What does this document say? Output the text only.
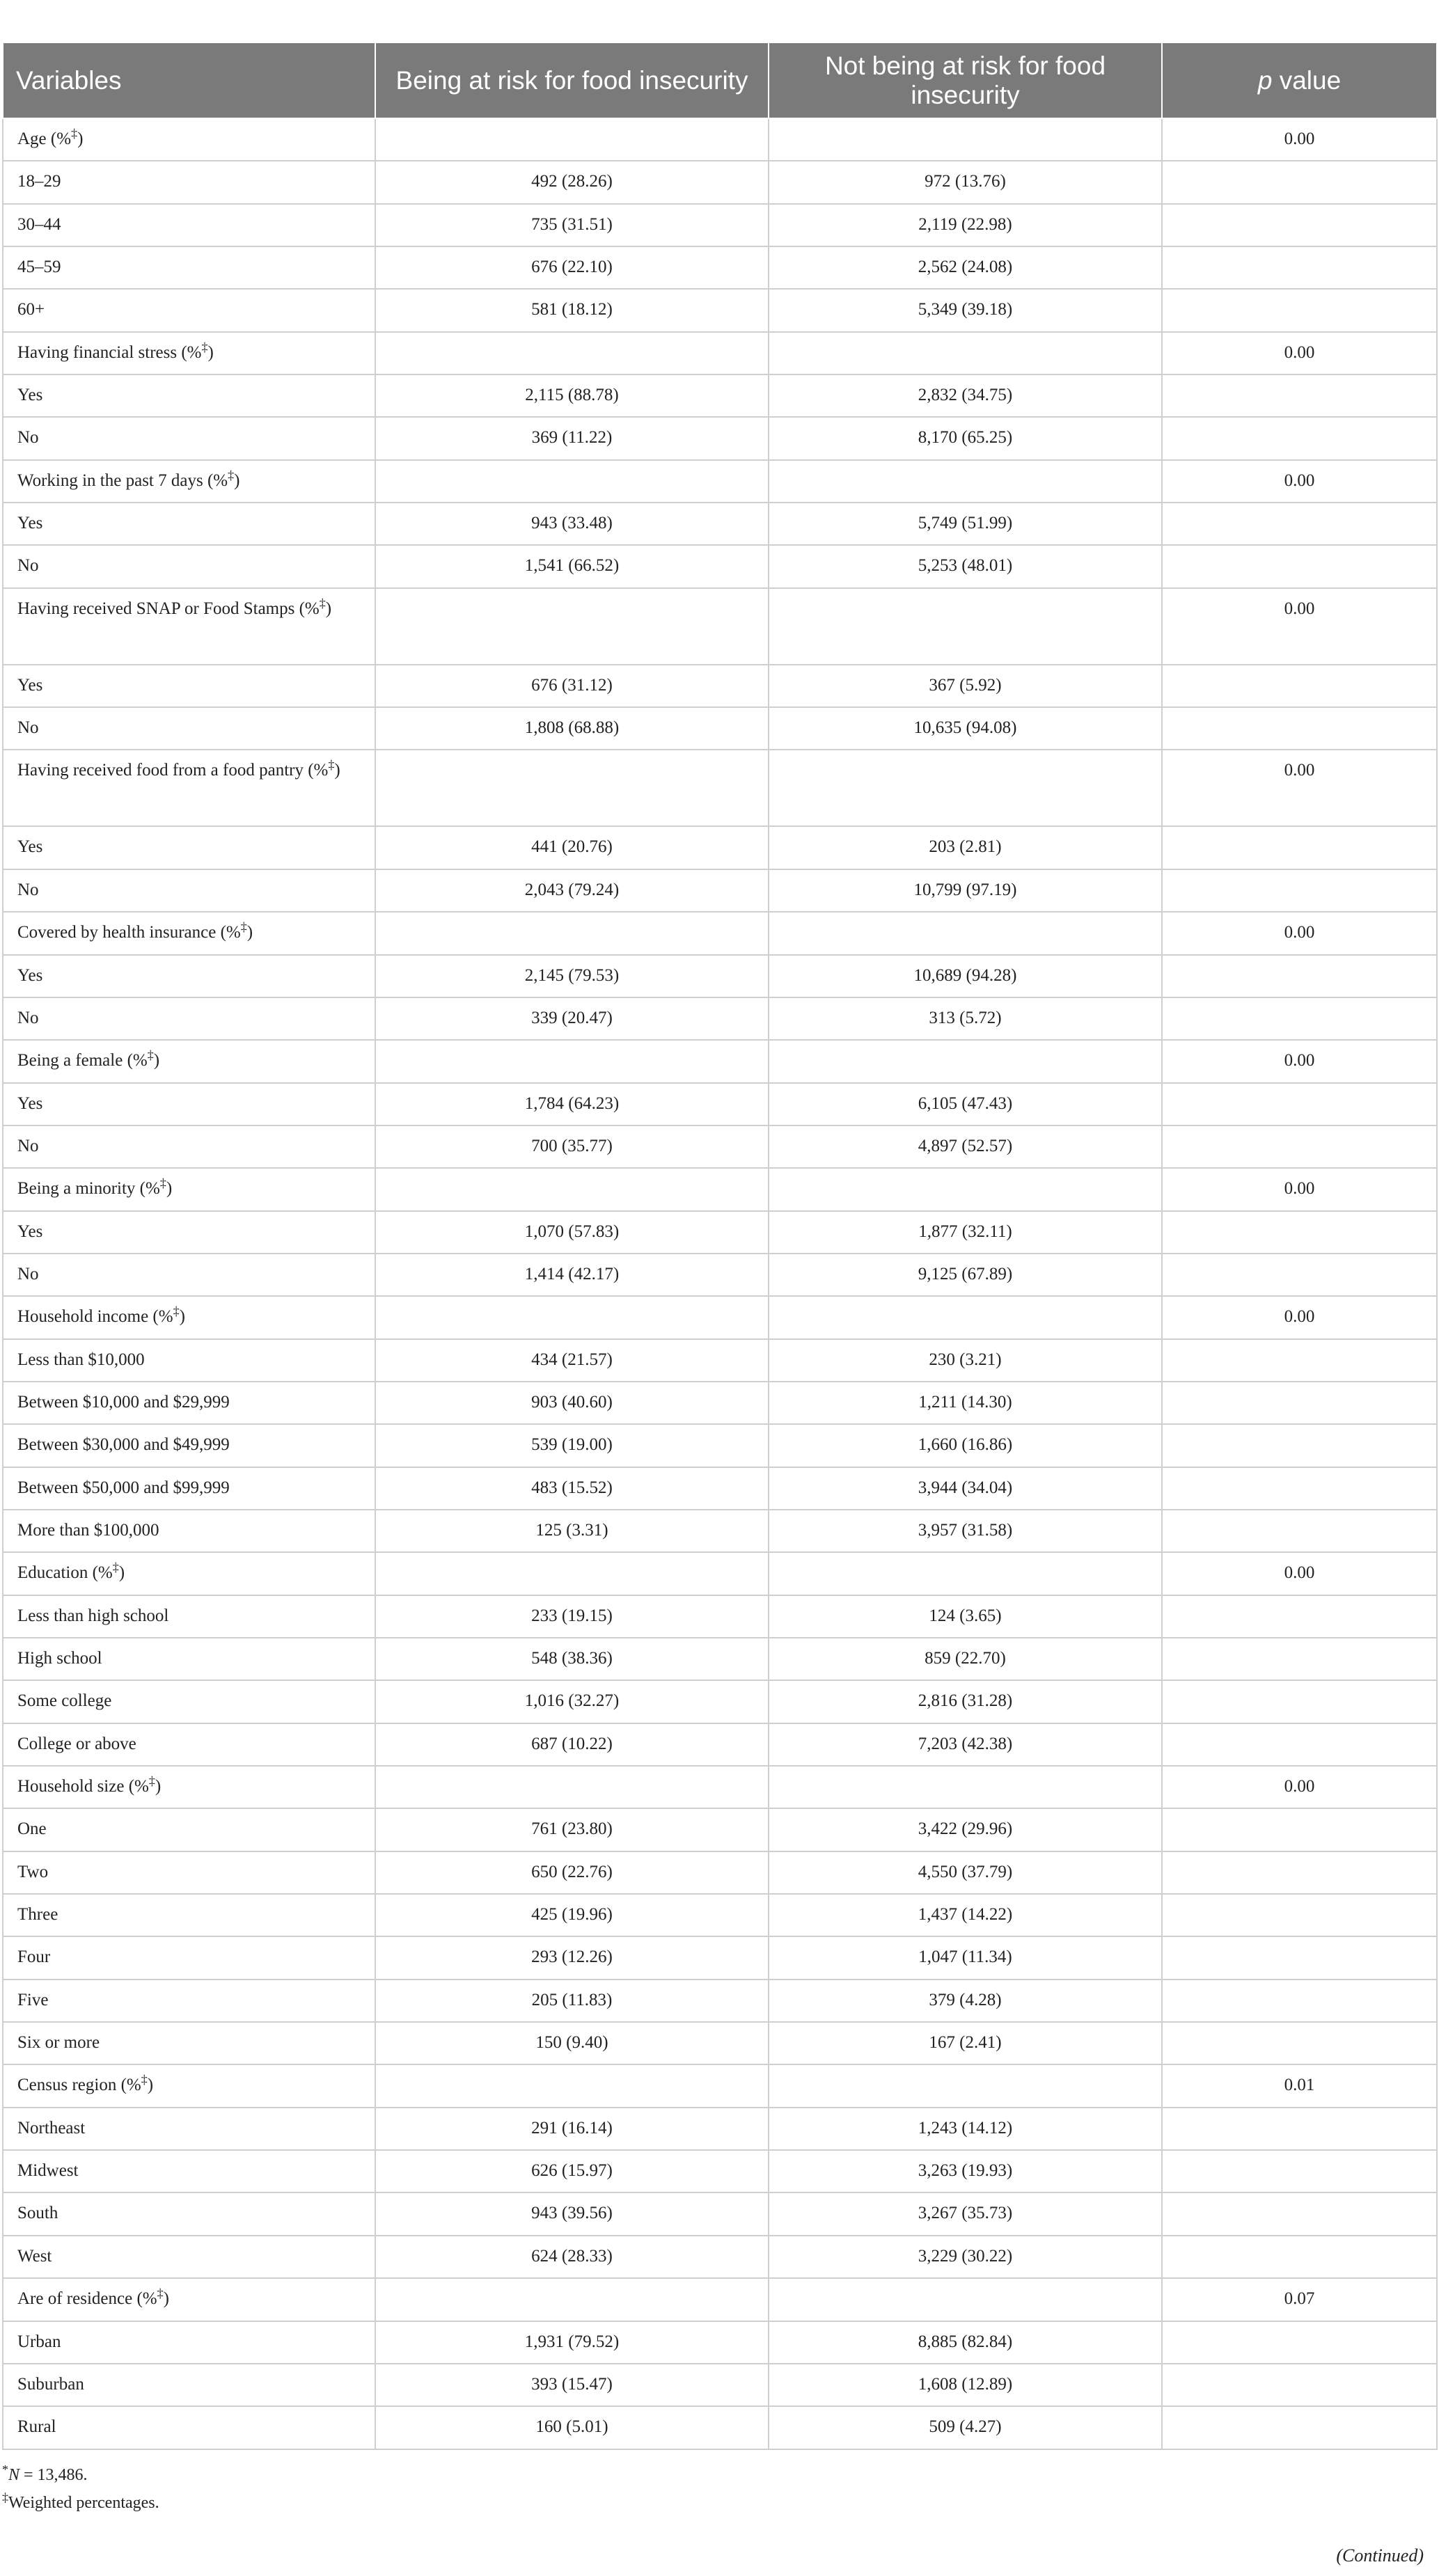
Variables	Being at risk for food insecurity	Not being at risk for food insecurity	p value
Age (%‡)			0.00
18–29	492 (28.26)	972 (13.76)	
30–44	735 (31.51)	2,119 (22.98)	
45–59	676 (22.10)	2,562 (24.08)	
60+	581 (18.12)	5,349 (39.18)	
Having financial stress (%‡)			0.00
Yes	2,115 (88.78)	2,832 (34.75)	
No	369 (11.22)	8,170 (65.25)	
Working in the past 7 days (%‡)			0.00
Yes	943 (33.48)	5,749 (51.99)	
No	1,541 (66.52)	5,253 (48.01)	
Having received SNAP or Food Stamps (%‡)			0.00
Yes	676 (31.12)	367 (5.92)	
No	1,808 (68.88)	10,635 (94.08)	
Having received food from a food pantry (%‡)			0.00
Yes	441 (20.76)	203 (2.81)	
No	2,043 (79.24)	10,799 (97.19)	
Covered by health insurance (%‡)			0.00
Yes	2,145 (79.53)	10,689 (94.28)	
No	339 (20.47)	313 (5.72)	
Being a female (%‡)			0.00
Yes	1,784 (64.23)	6,105 (47.43)	
No	700 (35.77)	4,897 (52.57)	
Being a minority (%‡)			0.00
Yes	1,070 (57.83)	1,877 (32.11)	
No	1,414 (42.17)	9,125 (67.89)	
Household income (%‡)			0.00
Less than $10,000	434 (21.57)	230 (3.21)	
Between $10,000 and $29,999	903 (40.60)	1,211 (14.30)	
Between $30,000 and $49,999	539 (19.00)	1,660 (16.86)	
Between $50,000 and $99,999	483 (15.52)	3,944 (34.04)	
More than $100,000	125 (3.31)	3,957 (31.58)	
Education (%‡)			0.00
Less than high school	233 (19.15)	124 (3.65)	
High school	548 (38.36)	859 (22.70)	
Some college	1,016 (32.27)	2,816 (31.28)	
College or above	687 (10.22)	7,203 (42.38)	
Household size (%‡)			0.00
One	761 (23.80)	3,422 (29.96)	
Two	650 (22.76)	4,550 (37.79)	
Three	425 (19.96)	1,437 (14.22)	
Four	293 (12.26)	1,047 (11.34)	
Five	205 (11.83)	379 (4.28)	
Six or more	150 (9.40)	167 (2.41)	
Census region (%‡)			0.01
Northeast	291 (16.14)	1,243 (14.12)	
Midwest	626 (15.97)	3,263 (19.93)	
South	943 (39.56)	3,267 (35.73)	
West	624 (28.33)	3,229 (30.22)	
Are of residence (%‡)			0.07
Urban	1,931 (79.52)	8,885 (82.84)	
Suburban	393 (15.47)	1,608 (12.89)	
Rural	160 (5.01)	509 (4.27)	
*N = 13,486.
‡Weighted percentages.
(Continued)
